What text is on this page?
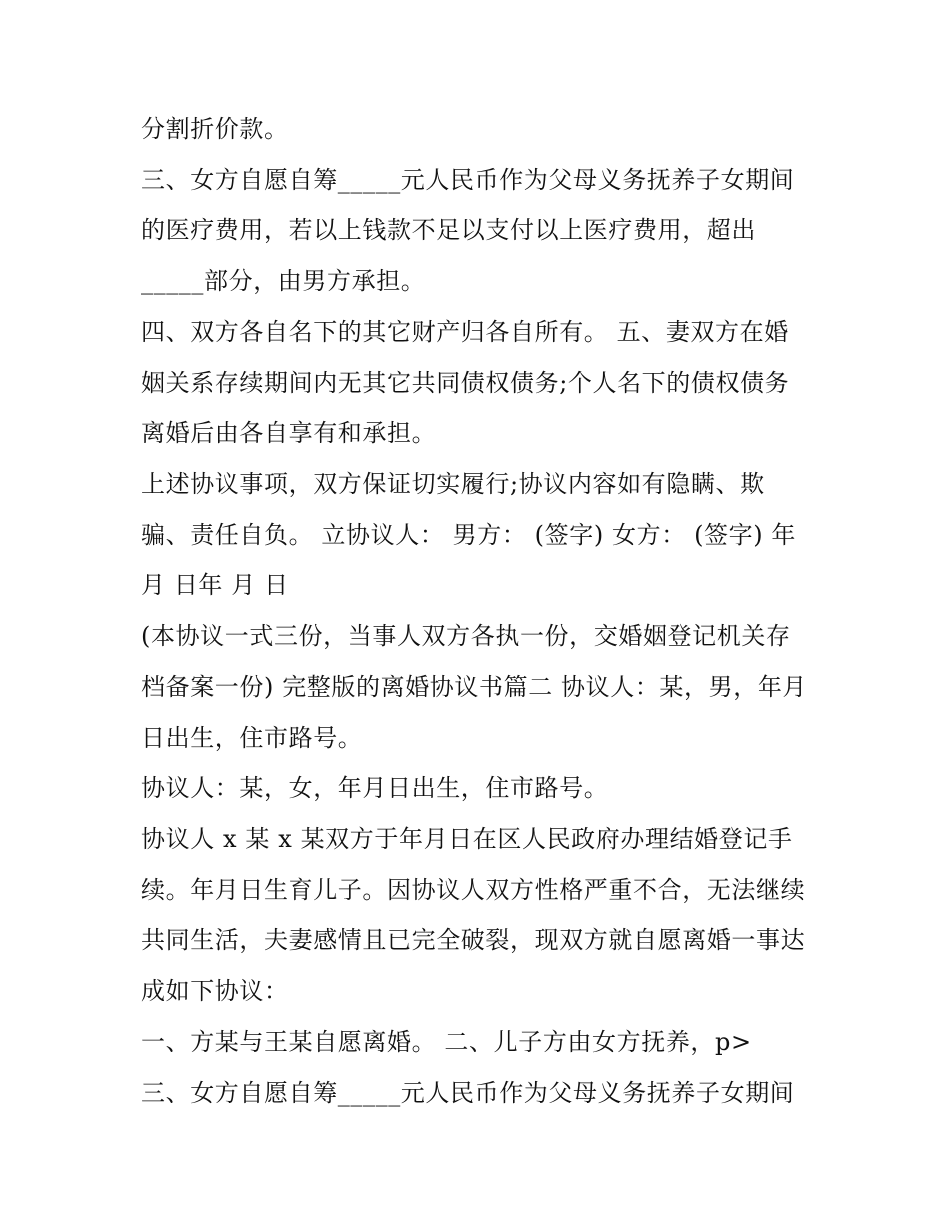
分割折价款。
三、女方自愿自筹_____元人民币作为父母义务抚养子女期间
的医疗费用，若以上钱款不足以支付以上医疗费用，超出
_____部分，由男方承担。
四、双方各自名下的其它财产归各自所有。 五、妻双方在婚
姻关系存续期间内无其它共同债权债务;个人名下的债权债务
离婚后由各自享有和承担。
上述协议事项，双方保证切实履行;协议内容如有隐瞒、欺
骗、责任自负。 立协议人： 男方： (签字) 女方： (签字) 年
月 日年 月 日
(本协议一式三份，当事人双方各执一份，交婚姻登记机关存
档备案一份) 完整版的离婚协议书篇二 协议人：某，男，年月
日出生，住市路号。
协议人：某，女，年月日出生，住市路号。
协议人 x 某 x 某双方于年月日在区人民政府办理结婚登记手
续。年月日生育儿子。因协议人双方性格严重不合，无法继续
共同生活，夫妻感情且已完全破裂，现双方就自愿离婚一事达
成如下协议：
一、方某与王某自愿离婚。 二、儿子方由女方抚养，p>
三、女方自愿自筹_____元人民币作为父母义务抚养子女期间
